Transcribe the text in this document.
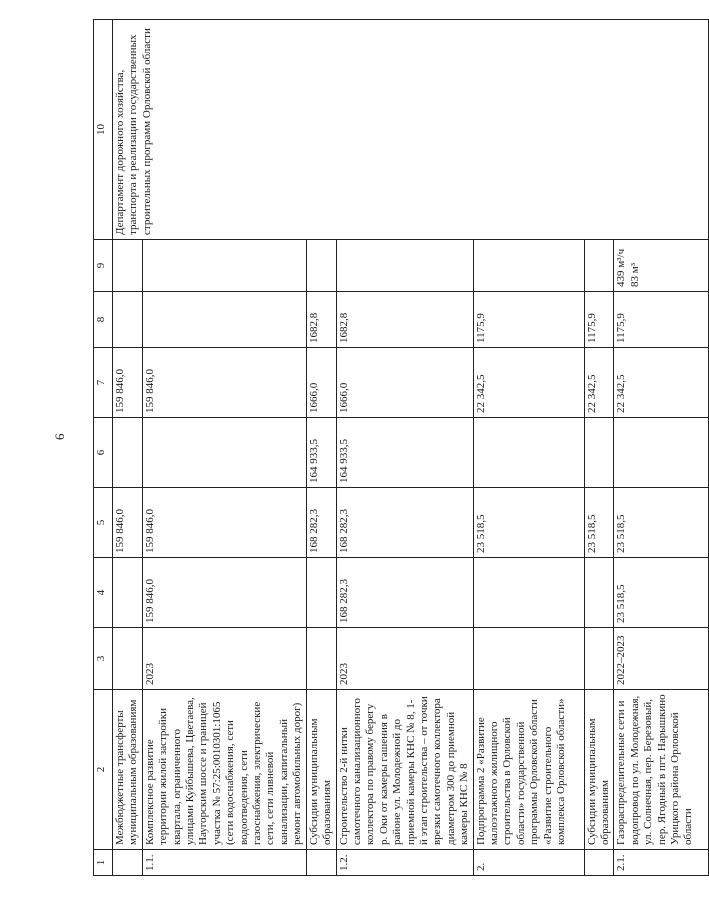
6
1	2	3	4	5	6	7	8	9	10
	Межбюджетные трансферты муниципальным образованиям			159 846,0		159 846,0			Департамент дорожного хозяйства, транспорта и реализации государственных строительных программ Орловской области
1.1.	Комплексное развитие территории жилой застройки квартала, ограниченного улицами Куйбышева, Цветаева, Наугорским шоссе и границей участка № 57:25:0010301:1065 (сети водоснабжения, сети водоотведения, сети газоснабжения, электрические сети, сети ливневой канализации, капитальный ремонт автомобильных дорог)	2023	159 846,0	159 846,0		159 846,0			
	Субсидии муниципальным образованиям			168 282,3	164 933,5	1666,0	1682,8		
1.2.	Строительство 2-й нитки самотечного канализационного коллектора по правому берегу р. Оки от камеры гашения в районе ул. Молодежной до приемной камеры КНС № 8, 1-й этап строительства – от точки врезки самотечного коллектора диаметром 300 до приемной камеры КНС № 8	2023	168 282,3	168 282,3	164 933,5	1666,0	1682,8		
2.	Подпрограмма 2 «Развитие малоэтажного жилищного строительства в Орловской области» государственной программы Орловской области «Развитие строительного комплекса Орловской области»			23 518,5		22 342,5	1175,9		
	Субсидии муниципальным образованиям			23 518,5		22 342,5	1175,9		
2.1.	Газораспределительные сети и водопровод по ул. Молодежная, ул. Солнечная, пер. Березовый, пер. Ягодный в пгт. Нарышкино Урицкого района Орловской области	2022–2023	23 518,5	23 518,5		22 342,5	1175,9	439 м³/ч 83 м³	
